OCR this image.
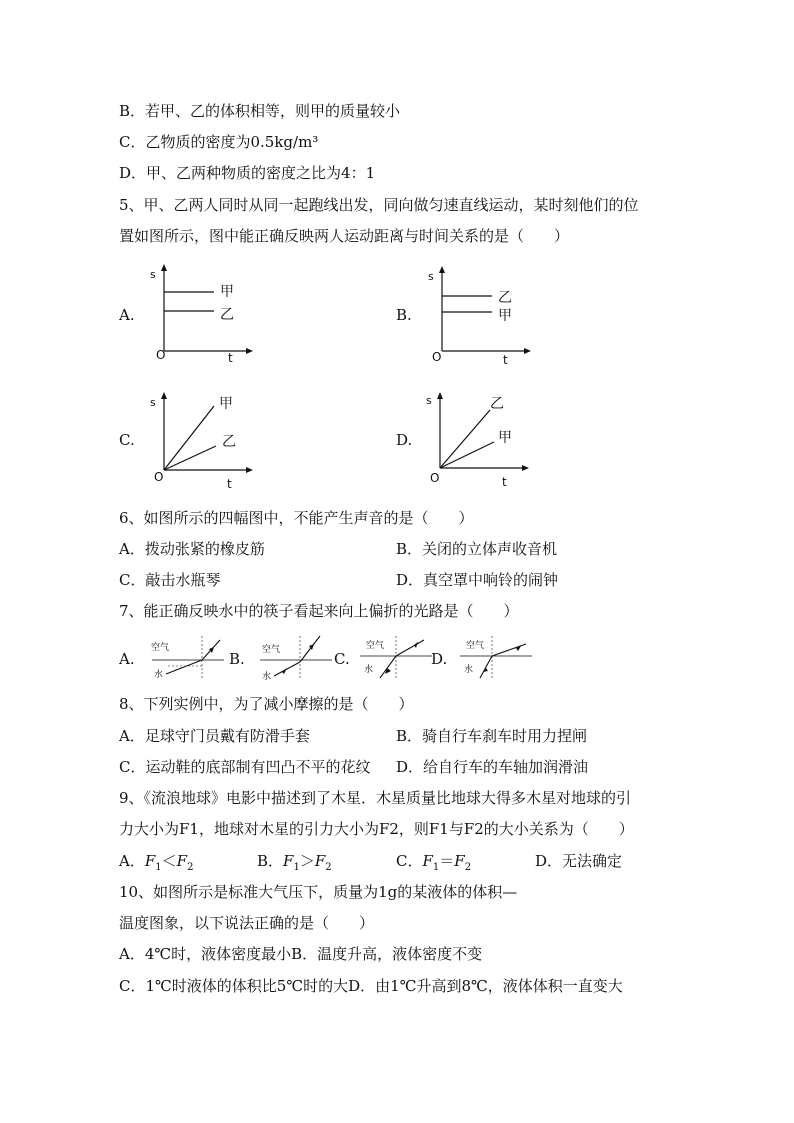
B．若甲、乙的体积相等，则甲的质量较小
C．乙物质的密度为0.5kg/m³
D．甲、乙两种物质的密度之比为4：1
5、甲、乙两人同时从同一起跑线出发，同向做匀速直线运动，某时刻他们的位
置如图所示，图中能正确反映两人运动距离与时间关系的是（　　）
A.
s
O	t
甲
乙	B.
s
O	t
乙
甲
C.
s
O	t
甲
乙	D.
s
O	t
乙
甲
6、如图所示的四幅图中，不能产生声音的是（　　）
A．拨动张紧的橡皮筋	B．关闭的立体声收音机
C．敲击水瓶琴	D．真空罩中响铃的闹钟
7、能正确反映水中的筷子看起来向上偏折的光路是（　　）
A.
空气
水
B. 空气
水
C.
空气
水
D.
空气
水
8、下列实例中，为了减小摩擦的是（　　）
A．足球守门员戴有防滑手套	B．骑自行车刹车时用力捏闸
C．运动鞋的底部制有凹凸不平的花纹 D．给自行车的车轴加润滑油
9、《流浪地球》电影中描述到了木星．木星质量比地球大得多木星对地球的引
力大小为F1，地球对木星的引力大小为F2，则F1与F2的大小关系为（　　）
A．$F_1<F_2$	B．$F_1>F_2$	C．$F_1=F_2$	D．无法确定
10、如图所示是标准大气压下，质量为1g的某液体的体积—
温度图象，以下说法正确的是（　　）
A．4℃时，液体密度最小B．温度升高，液体密度不变
C．1℃时液体的体积比5℃时的大D．由1℃升高到8℃，液体体积一直变大
